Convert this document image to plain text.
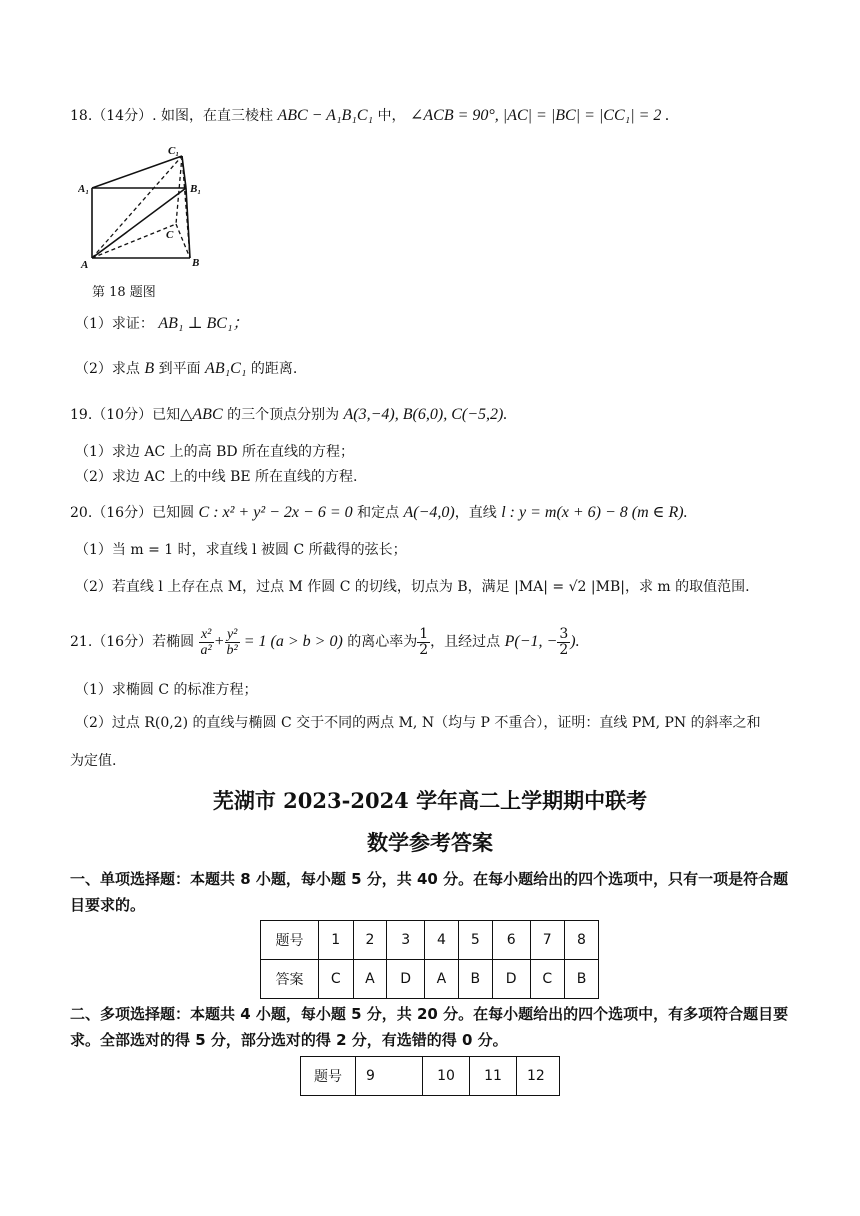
18.（14分）. 如图，在直三棱柱 ABC − A₁B₁C₁ 中， ∠ACB = 90°, |AC| = |BC| = |CC₁| = 2 .
C₁
A₁	B₁
C
A	B
第 18 题图
（1）求证： AB₁ ⊥ BC₁；
（2）求点 B 到平面 AB₁C₁ 的距离.
19.（10分）已知△ABC 的三个顶点分别为 A(3,−4), B(6,0), C(−5,2).
（1）求边 AC 上的高 BD 所在直线的方程；
（2）求边 AC 上的中线 BE 所在直线的方程.
20.（16分）已知圆 C : x² + y² − 2x − 6 = 0 和定点 A(−4,0)，直线 l : y = m(x + 6) − 8 (m ∈ R).
（1）当 m = 1 时，求直线 l 被圆 C 所截得的弦长；
（2）若直线 l 上存在点 M，过点 M 作圆 C 的切线，切点为 B，满足 |MA| = √2 |MB|，求 m 的取值范围.
21.（16分）若椭圆 $\frac{\text{x²}}{\text{a²}} + \frac{\text{y²}}{\text{b²}} = 1$ (a > b > 0) 的离心率为 $\frac{1}{2}$ ，且经过点 P(−1, − $\frac{3}{2}$ ).
（1）求椭圆 C 的标准方程；
（2）过点 R(0,2) 的直线与椭圆 C 交于不同的两点 M, N（均与 P 不重合），证明：直线 PM, PN 的斜率之和
为定值.
芜湖市 2023-2024 学年高二上学期期中联考
数学参考答案
一、单项选择题：本题共 8 小题，每小题 5 分，共 40 分。在每小题给出的四个选项中，只有一项是符合题目要求的。
题号	1	2	3	4	5	6	7	8
答案	C	A	D	A	B	D	C	B
二、多项选择题：本题共 4 小题，每小题 5 分，共 20 分。在每小题给出的四个选项中，有多项符合题目要求。全部选对的得 5 分，部分选对的得 2 分，有选错的得 0 分。
题号	9	10	11	12
